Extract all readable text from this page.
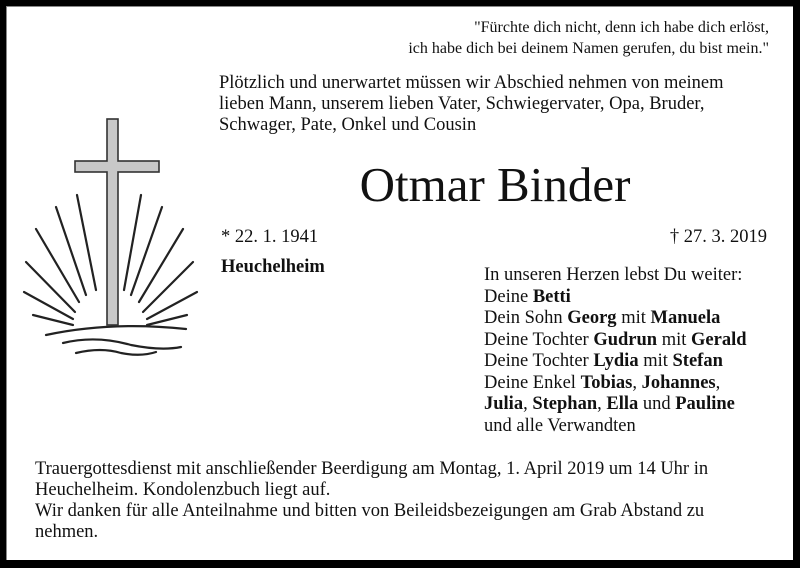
"Fürchte dich nicht, denn ich habe dich erlöst,
ich habe dich bei deinem Namen gerufen, du bist mein."
Plötzlich und unerwartet müssen wir Abschied nehmen von meinem
lieben Mann, unserem lieben Vater, Schwiegervater, Opa, Bruder,
Schwager, Pate, Onkel und Cousin
Otmar Binder
* 22. 1. 1941	† 27. 3. 2019
Heuchelheim	In unseren Herzen lebst Du weiter:
Deine Betti
Dein Sohn Georg mit Manuela
Deine Tochter Gudrun mit Gerald
Deine Tochter Lydia mit Stefan
Deine Enkel Tobias, Johannes,
Julia, Stephan, Ella und Pauline
und alle Verwandten
Trauergottesdienst mit anschließender Beerdigung am Montag, 1. April 2019 um 14 Uhr in
Heuchelheim. Kondolenzbuch liegt auf.
Wir danken für alle Anteilnahme und bitten von Beileidsbezeigungen am Grab Abstand zu
nehmen.
